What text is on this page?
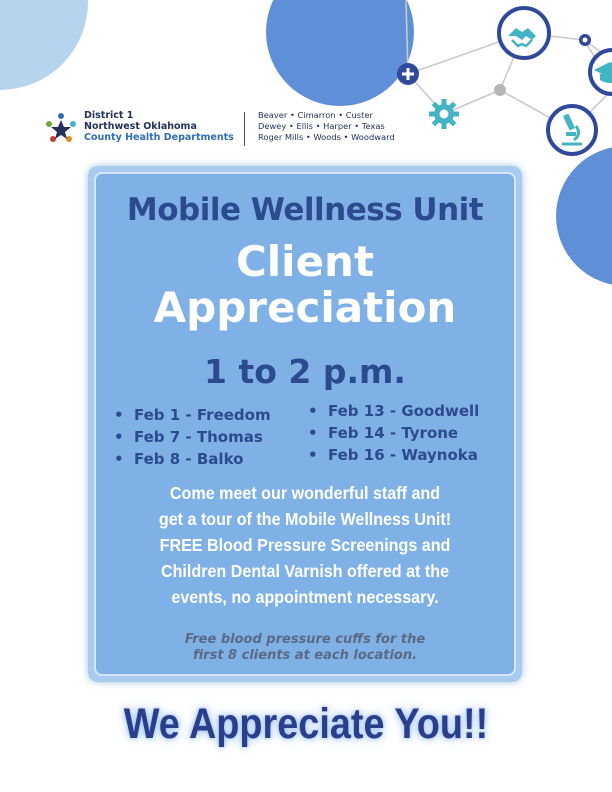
District 1
Northwest Oklahoma
County Health Departments
Beaver • Cimarron • Custer
Dewey • Ellis • Harper • Texas
Roger Mills • Woods • Woodward
Mobile Wellness Unit
Client
Appreciation
1 to 2 p.m.
• Feb 1 - Freedom
• Feb 7 - Thomas
• Feb 8 - Balko
• Feb 13 - Goodwell
• Feb 14 - Tyrone
• Feb 16 - Waynoka
Come meet our wonderful staff and
get a tour of the Mobile Wellness Unit!
FREE Blood Pressure Screenings and
Children Dental Varnish offered at the
events, no appointment necessary.
Free blood pressure cuffs for the
first 8 clients at each location.
We Appreciate You!!
